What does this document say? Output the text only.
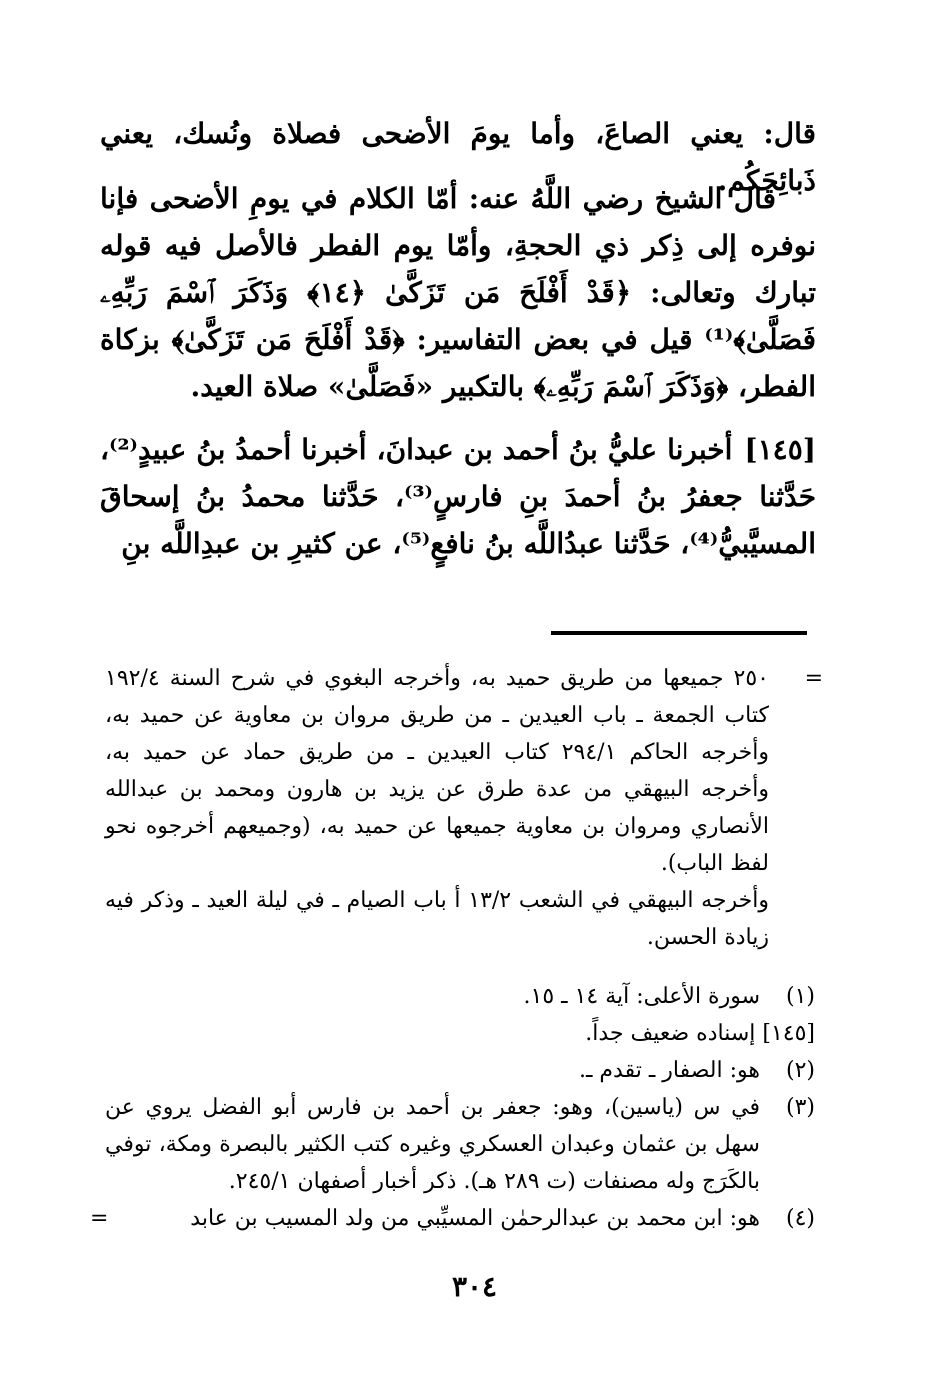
قال: يعني الصاعَ، وأما يومَ الأضحى فصلاة ونُسك، يعني ذَبائِحَكُم.

قال الشيخ رضي اللَّهُ عنه: أمّا الكلام في يومِ الأضحى فإنا نوفره إلى ذِكر ذي الحجةِ، وأمّا يوم الفطر فالأصل فيه قوله تبارك وتعالى: ﴿قَدْ أَفْلَحَ مَن تَزَكَّىٰ ﴿١٤﴾ وَذَكَرَ ٱسْمَ رَبِّهِۦ فَصَلَّىٰ﴾⁽¹⁾ قيل في بعض التفاسير: ﴿قَدْ أَفْلَحَ مَن تَزَكَّىٰ﴾ بزكاة الفطر، ﴿وَذَكَرَ ٱسْمَ رَبِّهِۦ﴾ بالتكبير «فَصَلَّىٰ» صلاة العيد.

[١٤٥]أخبرنا عليُّ بنُ أحمد بن عبدانَ، أخبرنا أحمدُ بنُ عبيدٍ⁽²⁾، حَدَّثنا جعفرُ بنُ أحمدَ بنِ فارسٍ⁽³⁾، حَدَّثنا محمدُ بنُ إسحاقَ المسيَّبيُّ⁽⁴⁾، حَدَّثنا عبدُاللَّه بنُ نافعٍ⁽⁵⁾، عن كثيرِ بن عبدِاللَّه بنِ

=

٢٥٠ جميعها من طريق حميد به، وأخرجه البغوي في شرح السنة ١٩٢/٤ كتاب الجمعة ـ باب العيدين ـ من طريق مروان بن معاوية عن حميد به، وأخرجه الحاكم ٢٩٤/١ كتاب العيدين ـ من طريق حماد عن حميد به، وأخرجه البيهقي من عدة طرق عن يزيد بن هارون ومحمد بن عبدالله الأنصاري ومروان بن معاوية جميعها عن حميد به، (وجميعهم أخرجوه نحو لفظ الباب).

وأخرجه البيهقي في الشعب ١٣/٢ أ باب الصيام ـ في ليلة العيد ـ وذكر فيه زيادة الحسن.

(١)
سورة الأعلى: آية ١٤ ـ ١٥.
[١٤٥] إسناده ضعيف جداً.
(٢)
هو: الصفار ـ تقدم ـ.
(٣)
في س (ياسين)، وهو: جعفر بن أحمد بن فارس أبو الفضل يروي عن سهل بن عثمان وعبدان العسكري وغيره كتب الكثير بالبصرة ومكة، توفي بالكَرَج وله مصنفات (ت ٢٨٩ هـ). ذكر أخبار أصفهان ٢٤٥/١.
(٤)
هو: ابن محمد بن عبدالرحمٰن المسيِّبي من ولد المسيب بن عابد
=
٣٠٤
